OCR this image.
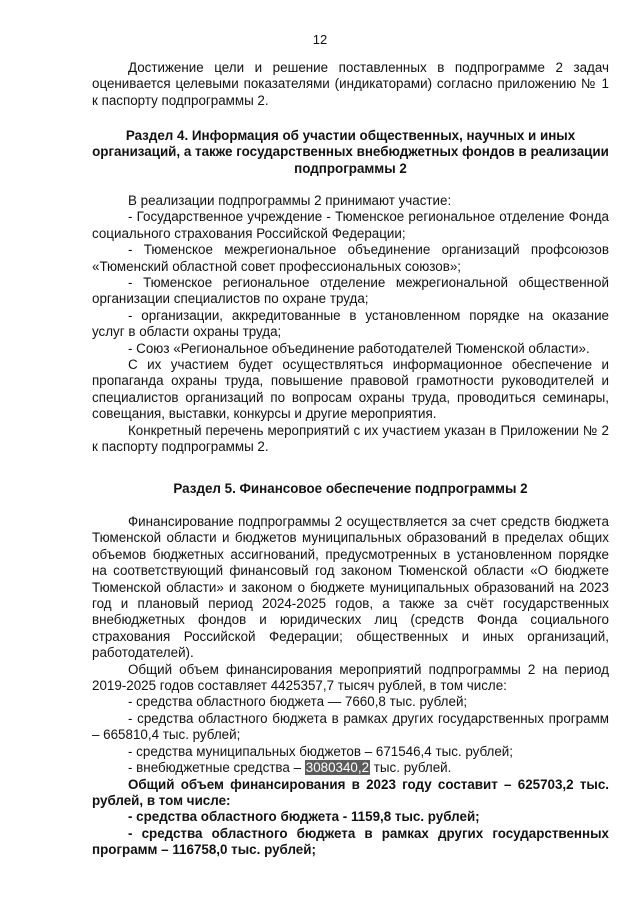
12

Достижение цели и решение поставленных в подпрограмме 2 задач оценивается целевыми показателями (индикаторами) согласно приложению № 1 к паспорту подпрограммы 2.

Раздел 4. Информация об участии общественных, научных и иных организаций, а также государственных внебюджетных фондов в реализации подпрограммы 2

В реализации подпрограммы 2 принимают участие:

- Государственное учреждение - Тюменское региональное отделение Фонда социального страхования Российской Федерации;

- Тюменское межрегиональное объединение организаций профсоюзов «Тюменский областной совет профессиональных союзов»;

- Тюменское региональное отделение межрегиональной общественной организации специалистов по охране труда;

- организации, аккредитованные в установленном порядке на оказание услуг в области охраны труда;

- Союз «Региональное объединение работодателей Тюменской области».

С их участием будет осуществляться информационное обеспечение и пропаганда охраны труда, повышение правовой грамотности руководителей и специалистов организаций по вопросам охраны труда, проводиться семинары, совещания, выставки, конкурсы и другие мероприятия.

Конкретный перечень мероприятий с их участием указан в Приложении № 2 к паспорту подпрограммы 2.

Раздел 5. Финансовое обеспечение подпрограммы 2

Финансирование подпрограммы 2 осуществляется за счет средств бюджета Тюменской области и бюджетов муниципальных образований в пределах общих объемов бюджетных ассигнований, предусмотренных в установленном порядке на соответствующий финансовый год законом Тюменской области «О бюджете Тюменской области» и законом о бюджете муниципальных образований на 2023 год и плановый период 2024-2025 годов, а также за счёт государственных внебюджетных фондов и юридических лиц (средств Фонда социального страхования Российской Федерации; общественных и иных организаций, работодателей).

Общий объем финансирования мероприятий подпрограммы 2 на период 2019-2025 годов составляет 4425357,7 тысяч рублей, в том числе:

- средства областного бюджета — 7660,8 тыс. рублей;

- средства областного бюджета в рамках других государственных программ – 665810,4 тыс. рублей;

- средства муниципальных бюджетов – 671546,4 тыс. рублей;

- внебюджетные средства – 3080340,2 тыс. рублей.

Общий объем финансирования в 2023 году составит – 625703,2 тыс. рублей, в том числе:

- средства областного бюджета - 1159,8 тыс. рублей;

- средства областного бюджета в рамках других государственных программ – 116758,0 тыс. рублей;
